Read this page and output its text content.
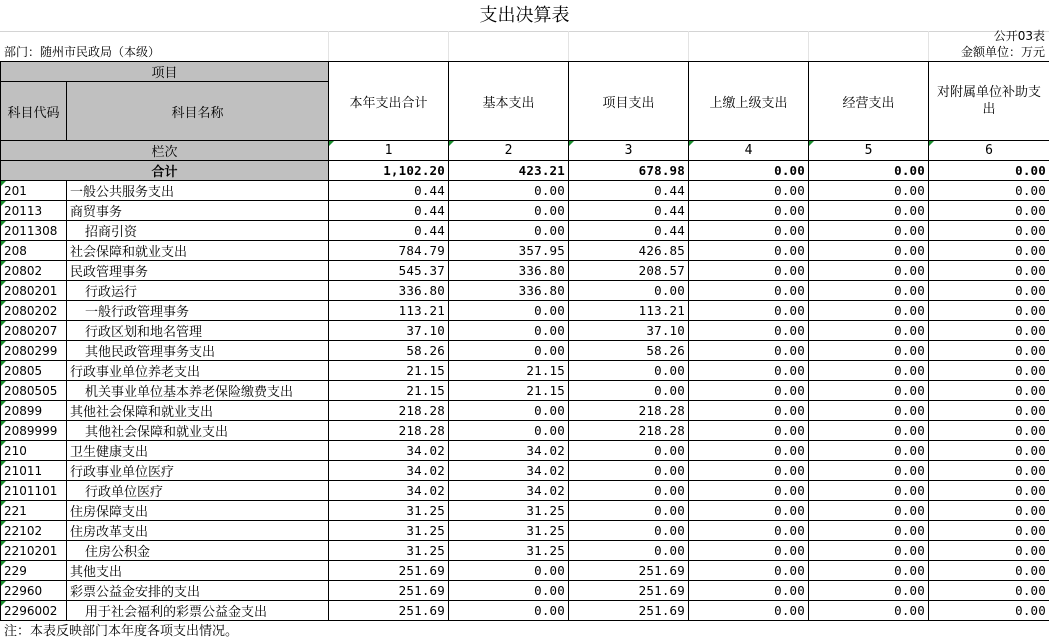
支出决算表
公开03表
部门：随州市民政局（本级）	金额单位：万元
项目		本年支出合计	基本支出	项目支出	上缴上级支出	经营支出	对附属单位补助支出
科目代码	科目名称						
栏次		1	2	3	4	5	6
合计		1,102.20	423.21	678.98	0.00	0.00	0.00
201	一般公共服务支出	0.44	0.00	0.44	0.00	0.00	0.00
20113	商贸事务	0.44	0.00	0.44	0.00	0.00	0.00
2011308	招商引资	0.44	0.00	0.44	0.00	0.00	0.00
208	社会保障和就业支出	784.79	357.95	426.85	0.00	0.00	0.00
20802	民政管理事务	545.37	336.80	208.57	0.00	0.00	0.00
2080201	行政运行	336.80	336.80	0.00	0.00	0.00	0.00
2080202	一般行政管理事务	113.21	0.00	113.21	0.00	0.00	0.00
2080207	行政区划和地名管理	37.10	0.00	37.10	0.00	0.00	0.00
2080299	其他民政管理事务支出	58.26	0.00	58.26	0.00	0.00	0.00
20805	行政事业单位养老支出	21.15	21.15	0.00	0.00	0.00	0.00
2080505	机关事业单位基本养老保险缴费支出	21.15	21.15	0.00	0.00	0.00	0.00
20899	其他社会保障和就业支出	218.28	0.00	218.28	0.00	0.00	0.00
2089999	其他社会保障和就业支出	218.28	0.00	218.28	0.00	0.00	0.00
210	卫生健康支出	34.02	34.02	0.00	0.00	0.00	0.00
21011	行政事业单位医疗	34.02	34.02	0.00	0.00	0.00	0.00
2101101	行政单位医疗	34.02	34.02	0.00	0.00	0.00	0.00
221	住房保障支出	31.25	31.25	0.00	0.00	0.00	0.00
22102	住房改革支出	31.25	31.25	0.00	0.00	0.00	0.00
2210201	住房公积金	31.25	31.25	0.00	0.00	0.00	0.00
229	其他支出	251.69	0.00	251.69	0.00	0.00	0.00
22960	彩票公益金安排的支出	251.69	0.00	251.69	0.00	0.00	0.00
2296002	用于社会福利的彩票公益金支出	251.69	0.00	251.69	0.00	0.00	0.00
注：本表反映部门本年度各项支出情况。
